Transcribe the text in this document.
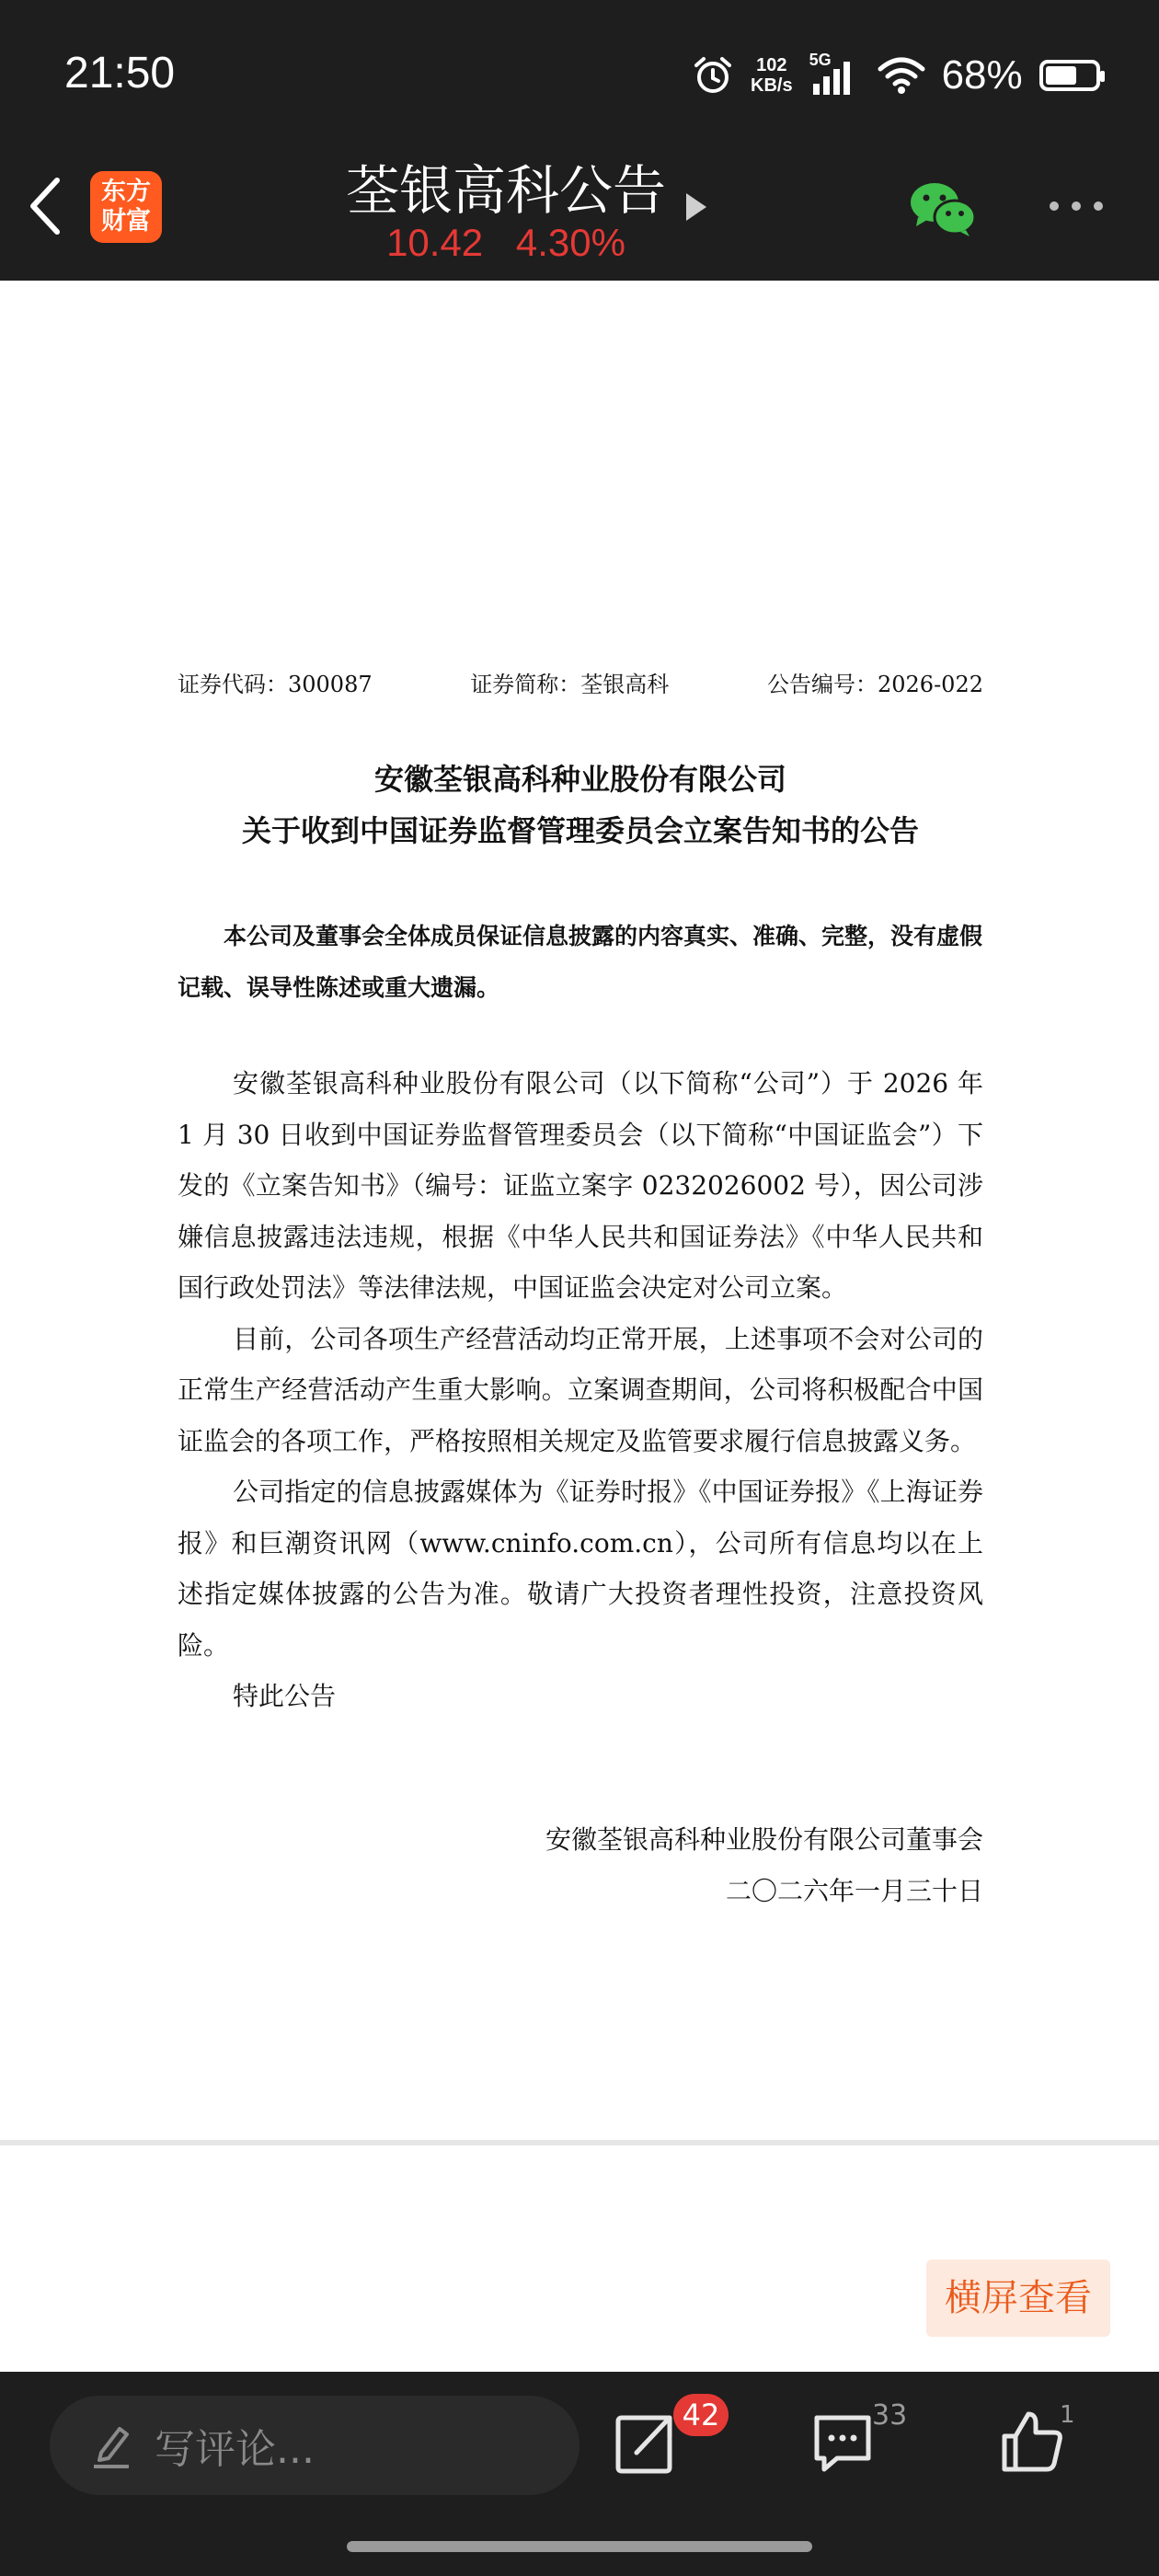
21:50	102
KB/s
5G	68%
东方
财富	荃银高科公告
10.42 4.30%
证券代码：300087	证券简称：荃银高科	公告编号：2026-022
安徽荃银高科种业股份有限公司
关于收到中国证券监督管理委员会立案告知书的公告
本公司及董事会全体成员保证信息披露的内容真实、准确、完整，没有虚假记载、误导性陈述或重大遗漏。

安徽荃银高科种业股份有限公司（以下简称“公司”）于 2026 年 1 月 30 日收到中国证券监督管理委员会（以下简称“中国证监会”）下发的《立案告知书》（编号：证监立案字 0232026002 号），因公司涉嫌信息披露违法违规，根据《中华人民共和国证券法》《中华人民共和国行政处罚法》等法律法规，中国证监会决定对公司立案。

目前，公司各项生产经营活动均正常开展，上述事项不会对公司的正常生产经营活动产生重大影响。立案调查期间，公司将积极配合中国证监会的各项工作，严格按照相关规定及监管要求履行信息披露义务。

公司指定的信息披露媒体为《证券时报》《中国证券报》《上海证券报》和巨潮资讯网（www.cninfo.com.cn），公司所有信息均以在上述指定媒体披露的公告为准。敬请广大投资者理性投资，注意投资风险。

特此公告

安徽荃银高科种业股份有限公司董事会
二〇二六年一月三十日
横屏查看
写评论...
42	33	1
